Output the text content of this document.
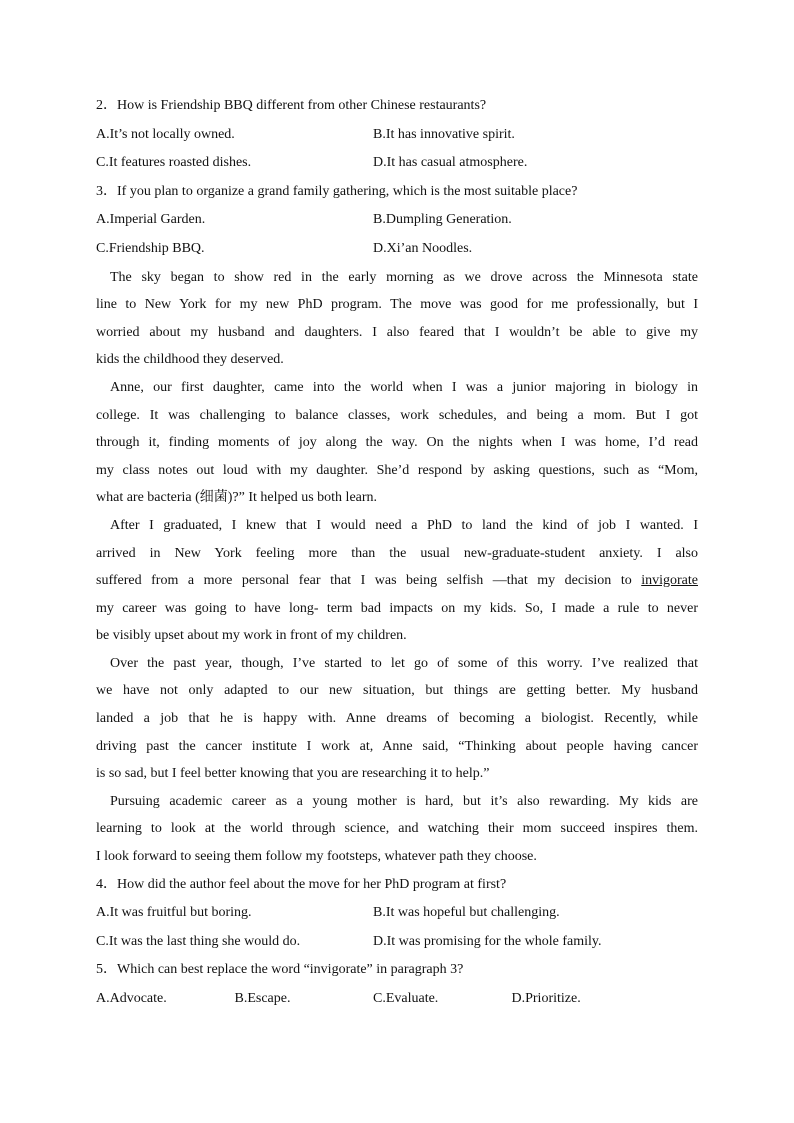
2．How is Friendship BBQ different from other Chinese restaurants?
A.It’s not locally owned.	B.It has innovative spirit.
C.It features roasted dishes.	D.It has casual atmosphere.
3．If you plan to organize a grand family gathering, which is the most suitable place?
A.Imperial Garden.	B.Dumpling Generation.
C.Friendship BBQ.	D.Xi’an Noodles.
The sky began to show red in the early morning as we drove across the Minnesota state
line to New York for my new PhD program. The move was good for me professionally, but I
worried about my husband and daughters. I also feared that I wouldn’t be able to give my
kids the childhood they deserved.
Anne, our first daughter, came into the world when I was a junior majoring in biology in
college. It was challenging to balance classes, work schedules, and being a mom. But I got
through it, finding moments of joy along the way. On the nights when I was home, I’d read
my class notes out loud with my daughter. She’d respond by asking questions, such as “Mom,
what are bacteria (细菌)?” It helped us both learn.
After I graduated, I knew that I would need a PhD to land the kind of job I wanted. I
arrived in New York feeling more than the usual new-graduate-student anxiety. I also
suffered from a more personal fear that I was being selfish —that my decision to invigorate
my career was going to have long- term bad impacts on my kids. So, I made a rule to never
be visibly upset about my work in front of my children.
Over the past year, though, I’ve started to let go of some of this worry. I’ve realized that
we have not only adapted to our new situation, but things are getting better. My husband
landed a job that he is happy with. Anne dreams of becoming a biologist. Recently, while
driving past the cancer institute I work at, Anne said, “Thinking about people having cancer
is so sad, but I feel better knowing that you are researching it to help.”
Pursuing academic career as a young mother is hard, but it’s also rewarding. My kids are
learning to look at the world through science, and watching their mom succeed inspires them.
I look forward to seeing them follow my footsteps, whatever path they choose.
4．How did the author feel about the move for her PhD program at first?
A.It was fruitful but boring.	B.It was hopeful but challenging.
C.It was the last thing she would do.	D.It was promising for the whole family.
5．Which can best replace the word “invigorate” in paragraph 3?
A.Advocate.	B.Escape.	C.Evaluate.	D.Prioritize.
